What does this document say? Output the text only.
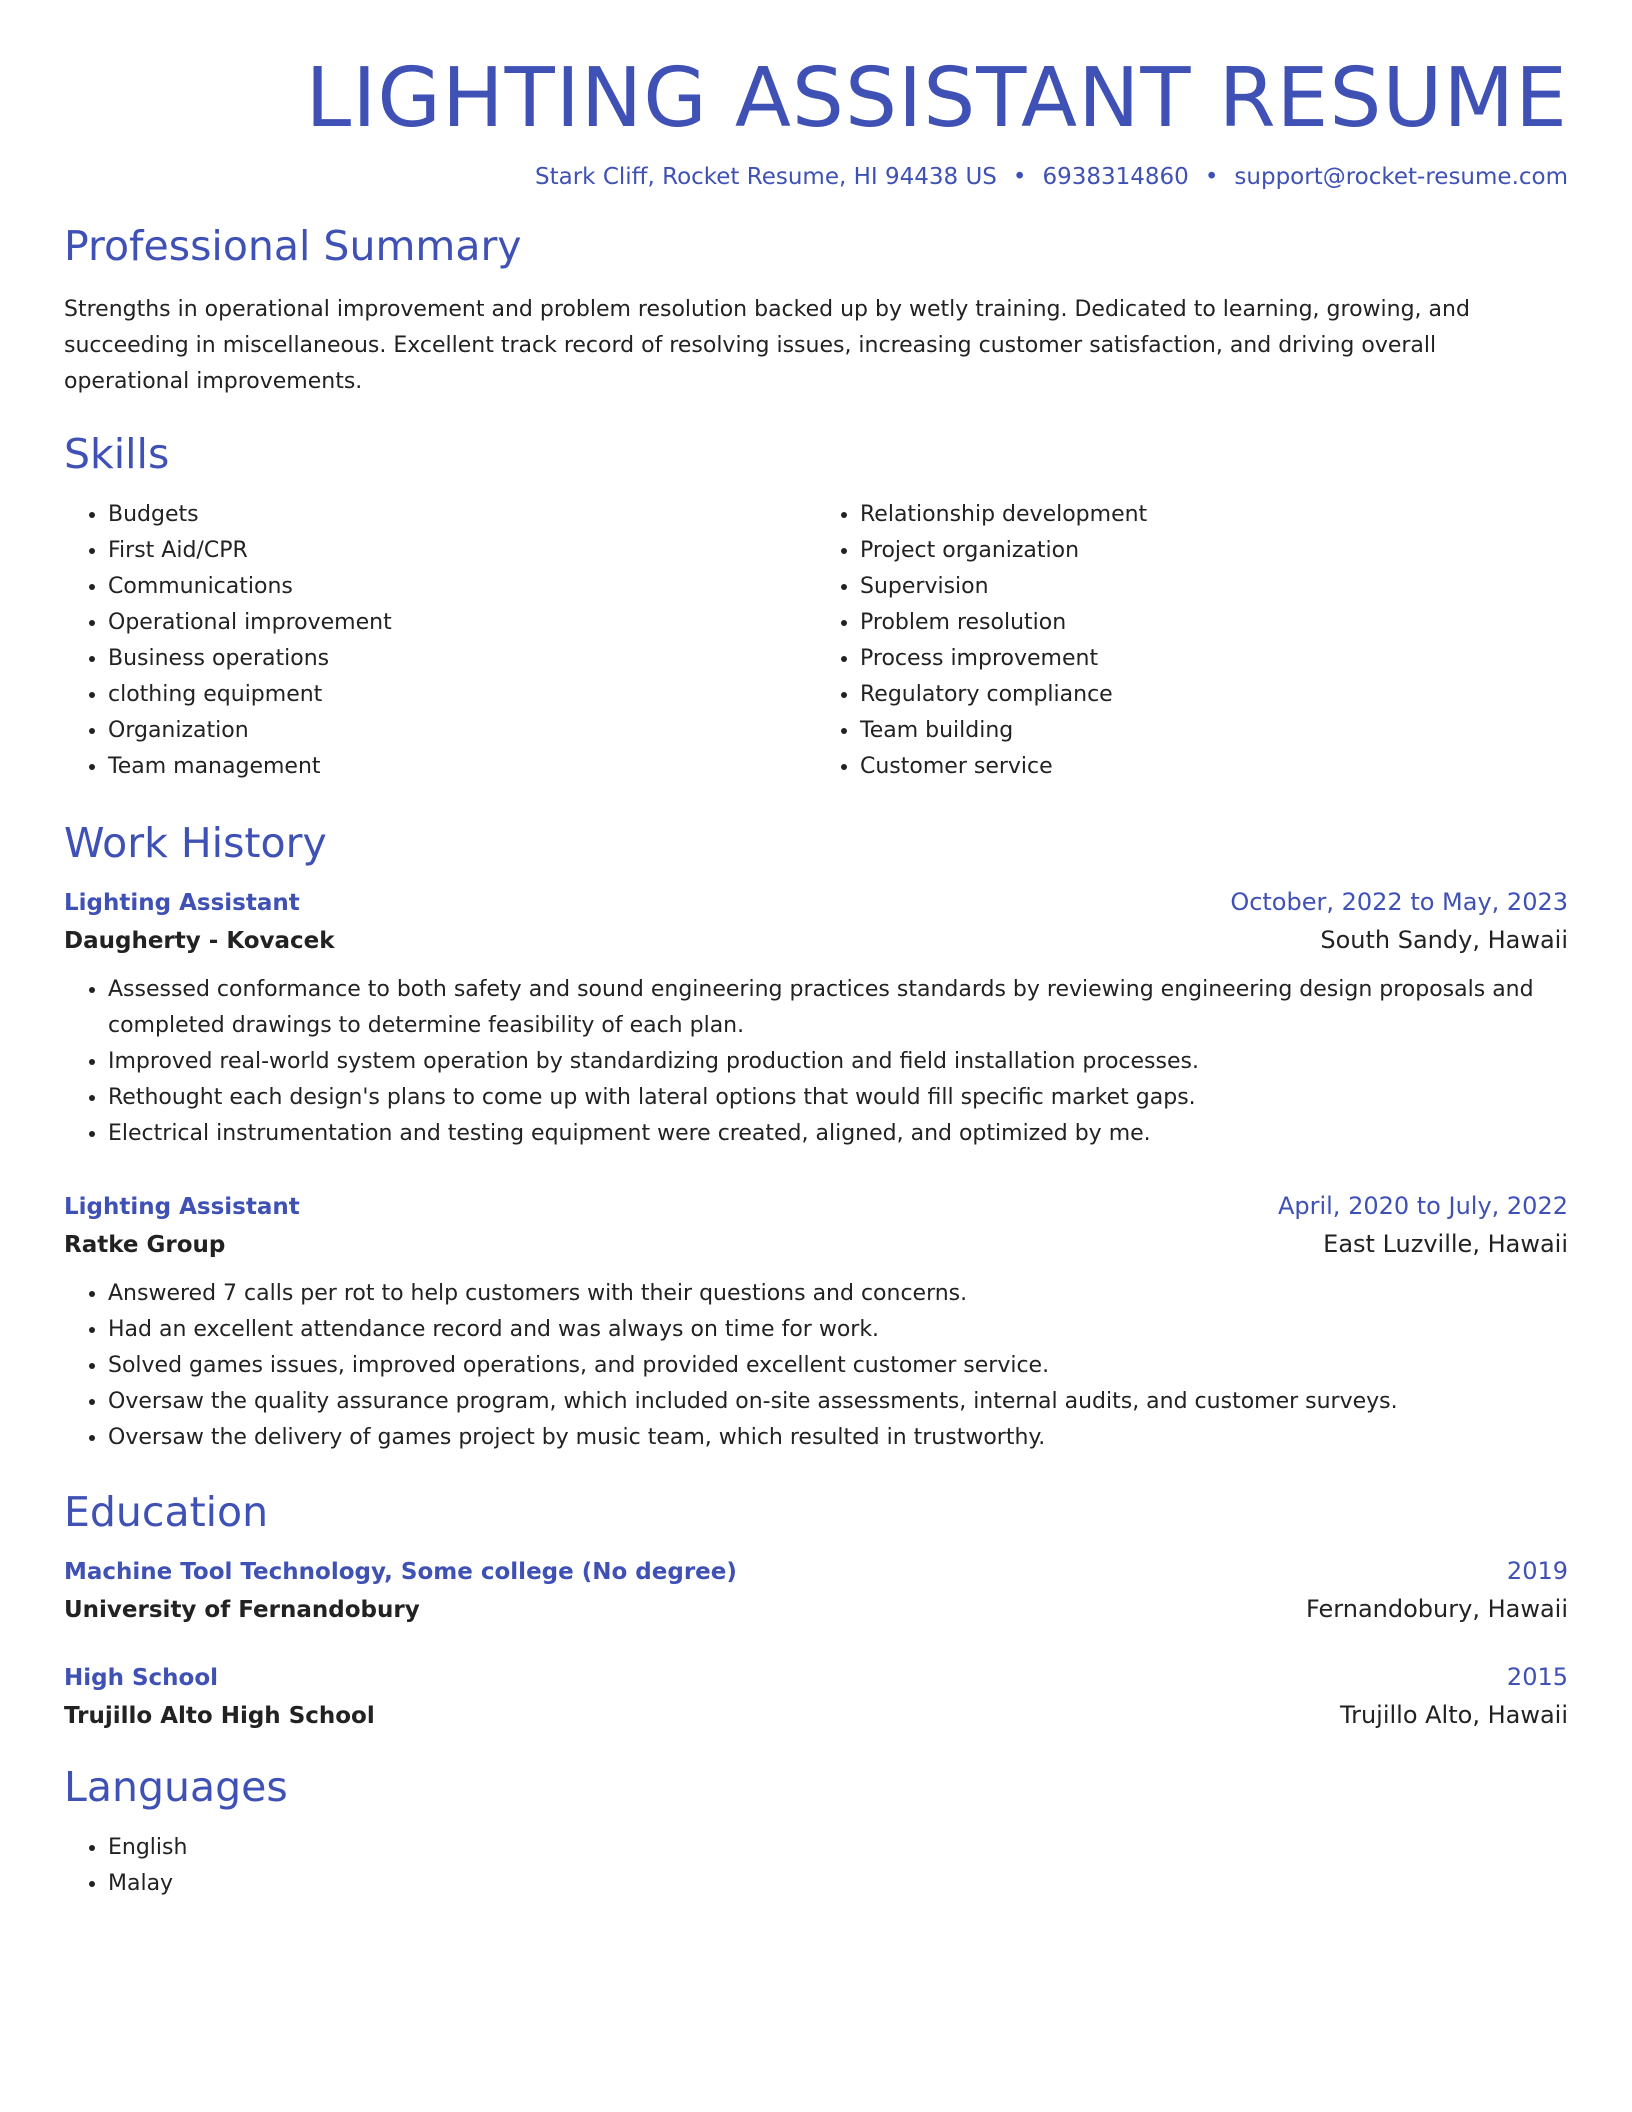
LIGHTING ASSISTANT RESUME
Stark Cliff, Rocket Resume, HI 94438 US • 6938314860 • support@rocket-resume.com
Professional Summary

Strengths in operational improvement and problem resolution backed up by wetly training. Dedicated to learning, growing, and succeeding in miscellaneous. Excellent track record of resolving issues, increasing customer satisfaction, and driving overall operational improvements.

Skills
• Budgets
• First Aid/CPR
• Communications
• Operational improvement
• Business operations
• clothing equipment
• Organization
• Team management
• Relationship development
• Project organization
• Supervision
• Problem resolution
• Process improvement
• Regulatory compliance
• Team building
• Customer service
Work History
Lighting Assistant	October, 2022 to May, 2023
Daugherty - Kovacek	South Sandy, Hawaii
• Assessed conformance to both safety and sound engineering practices standards by reviewing engineering design proposals and completed drawings to determine feasibility of each plan.
• Improved real-world system operation by standardizing production and field installation processes.
• Rethought each design's plans to come up with lateral options that would fill specific market gaps.
• Electrical instrumentation and testing equipment were created, aligned, and optimized by me.
Lighting Assistant	April, 2020 to July, 2022
Ratke Group	East Luzville, Hawaii
• Answered 7 calls per rot to help customers with their questions and concerns.
• Had an excellent attendance record and was always on time for work.
• Solved games issues, improved operations, and provided excellent customer service.
• Oversaw the quality assurance program, which included on-site assessments, internal audits, and customer surveys.
• Oversaw the delivery of games project by music team, which resulted in trustworthy.
Education
Machine Tool Technology, Some college (No degree)	2019
University of Fernandobury	Fernandobury, Hawaii
High School	2015
Trujillo Alto High School	Trujillo Alto, Hawaii
Languages
• English
• Malay
